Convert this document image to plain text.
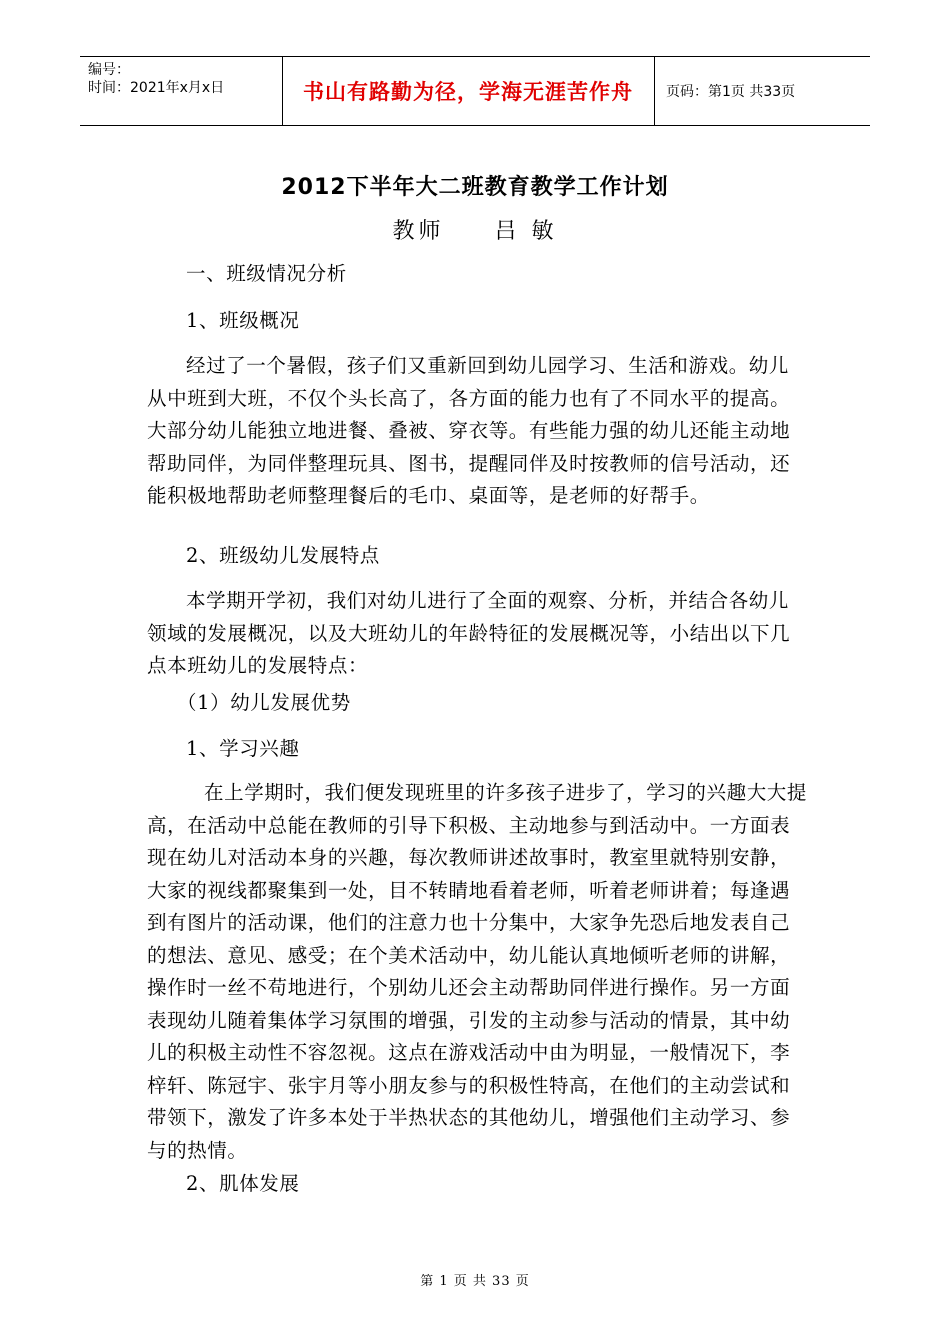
编号：
时间：2021年x月x日	书山有路勤为径，学海无涯苦作舟	页码：第1页 共33页
2012下半年大二班教育教学工作计划
教师 吕 敏
一、班级情况分析
1、班级概况
经过了一个暑假，孩子们又重新回到幼儿园学习、生活和游戏。幼儿从中班到大班，不仅个头长高了，各方面的能力也有了不同水平的提高。大部分幼儿能独立地进餐、叠被、穿衣等。有些能力强的幼儿还能主动地帮助同伴，为同伴整理玩具、图书，提醒同伴及时按教师的信号活动，还能积极地帮助老师整理餐后的毛巾、桌面等，是老师的好帮手。
2、班级幼儿发展特点
本学期开学初，我们对幼儿进行了全面的观察、分析，并结合各幼儿领域的发展概况，以及大班幼儿的年龄特征的发展概况等，小结出以下几点本班幼儿的发展特点：
（1）幼儿发展优势
1、学习兴趣
在上学期时，我们便发现班里的许多孩子进步了，学习的兴趣大大提高，在活动中总能在教师的引导下积极、主动地参与到活动中。一方面表现在幼儿对活动本身的兴趣，每次教师讲述故事时，教室里就特别安静，大家的视线都聚集到一处，目不转睛地看着老师，听着老师讲着；每逢遇到有图片的活动课，他们的注意力也十分集中，大家争先恐后地发表自己的想法、意见、感受；在个美术活动中，幼儿能认真地倾听老师的讲解，操作时一丝不苟地进行，个别幼儿还会主动帮助同伴进行操作。另一方面表现幼儿随着集体学习氛围的增强，引发的主动参与活动的情景，其中幼儿的积极主动性不容忽视。这点在游戏活动中由为明显，一般情况下，李梓轩、陈冠宇、张宇月等小朋友参与的积极性特高，在他们的主动尝试和带领下，激发了许多本处于半热状态的其他幼儿，增强他们主动学习、参与的热情。
2、肌体发展
第 1 页 共 33 页
